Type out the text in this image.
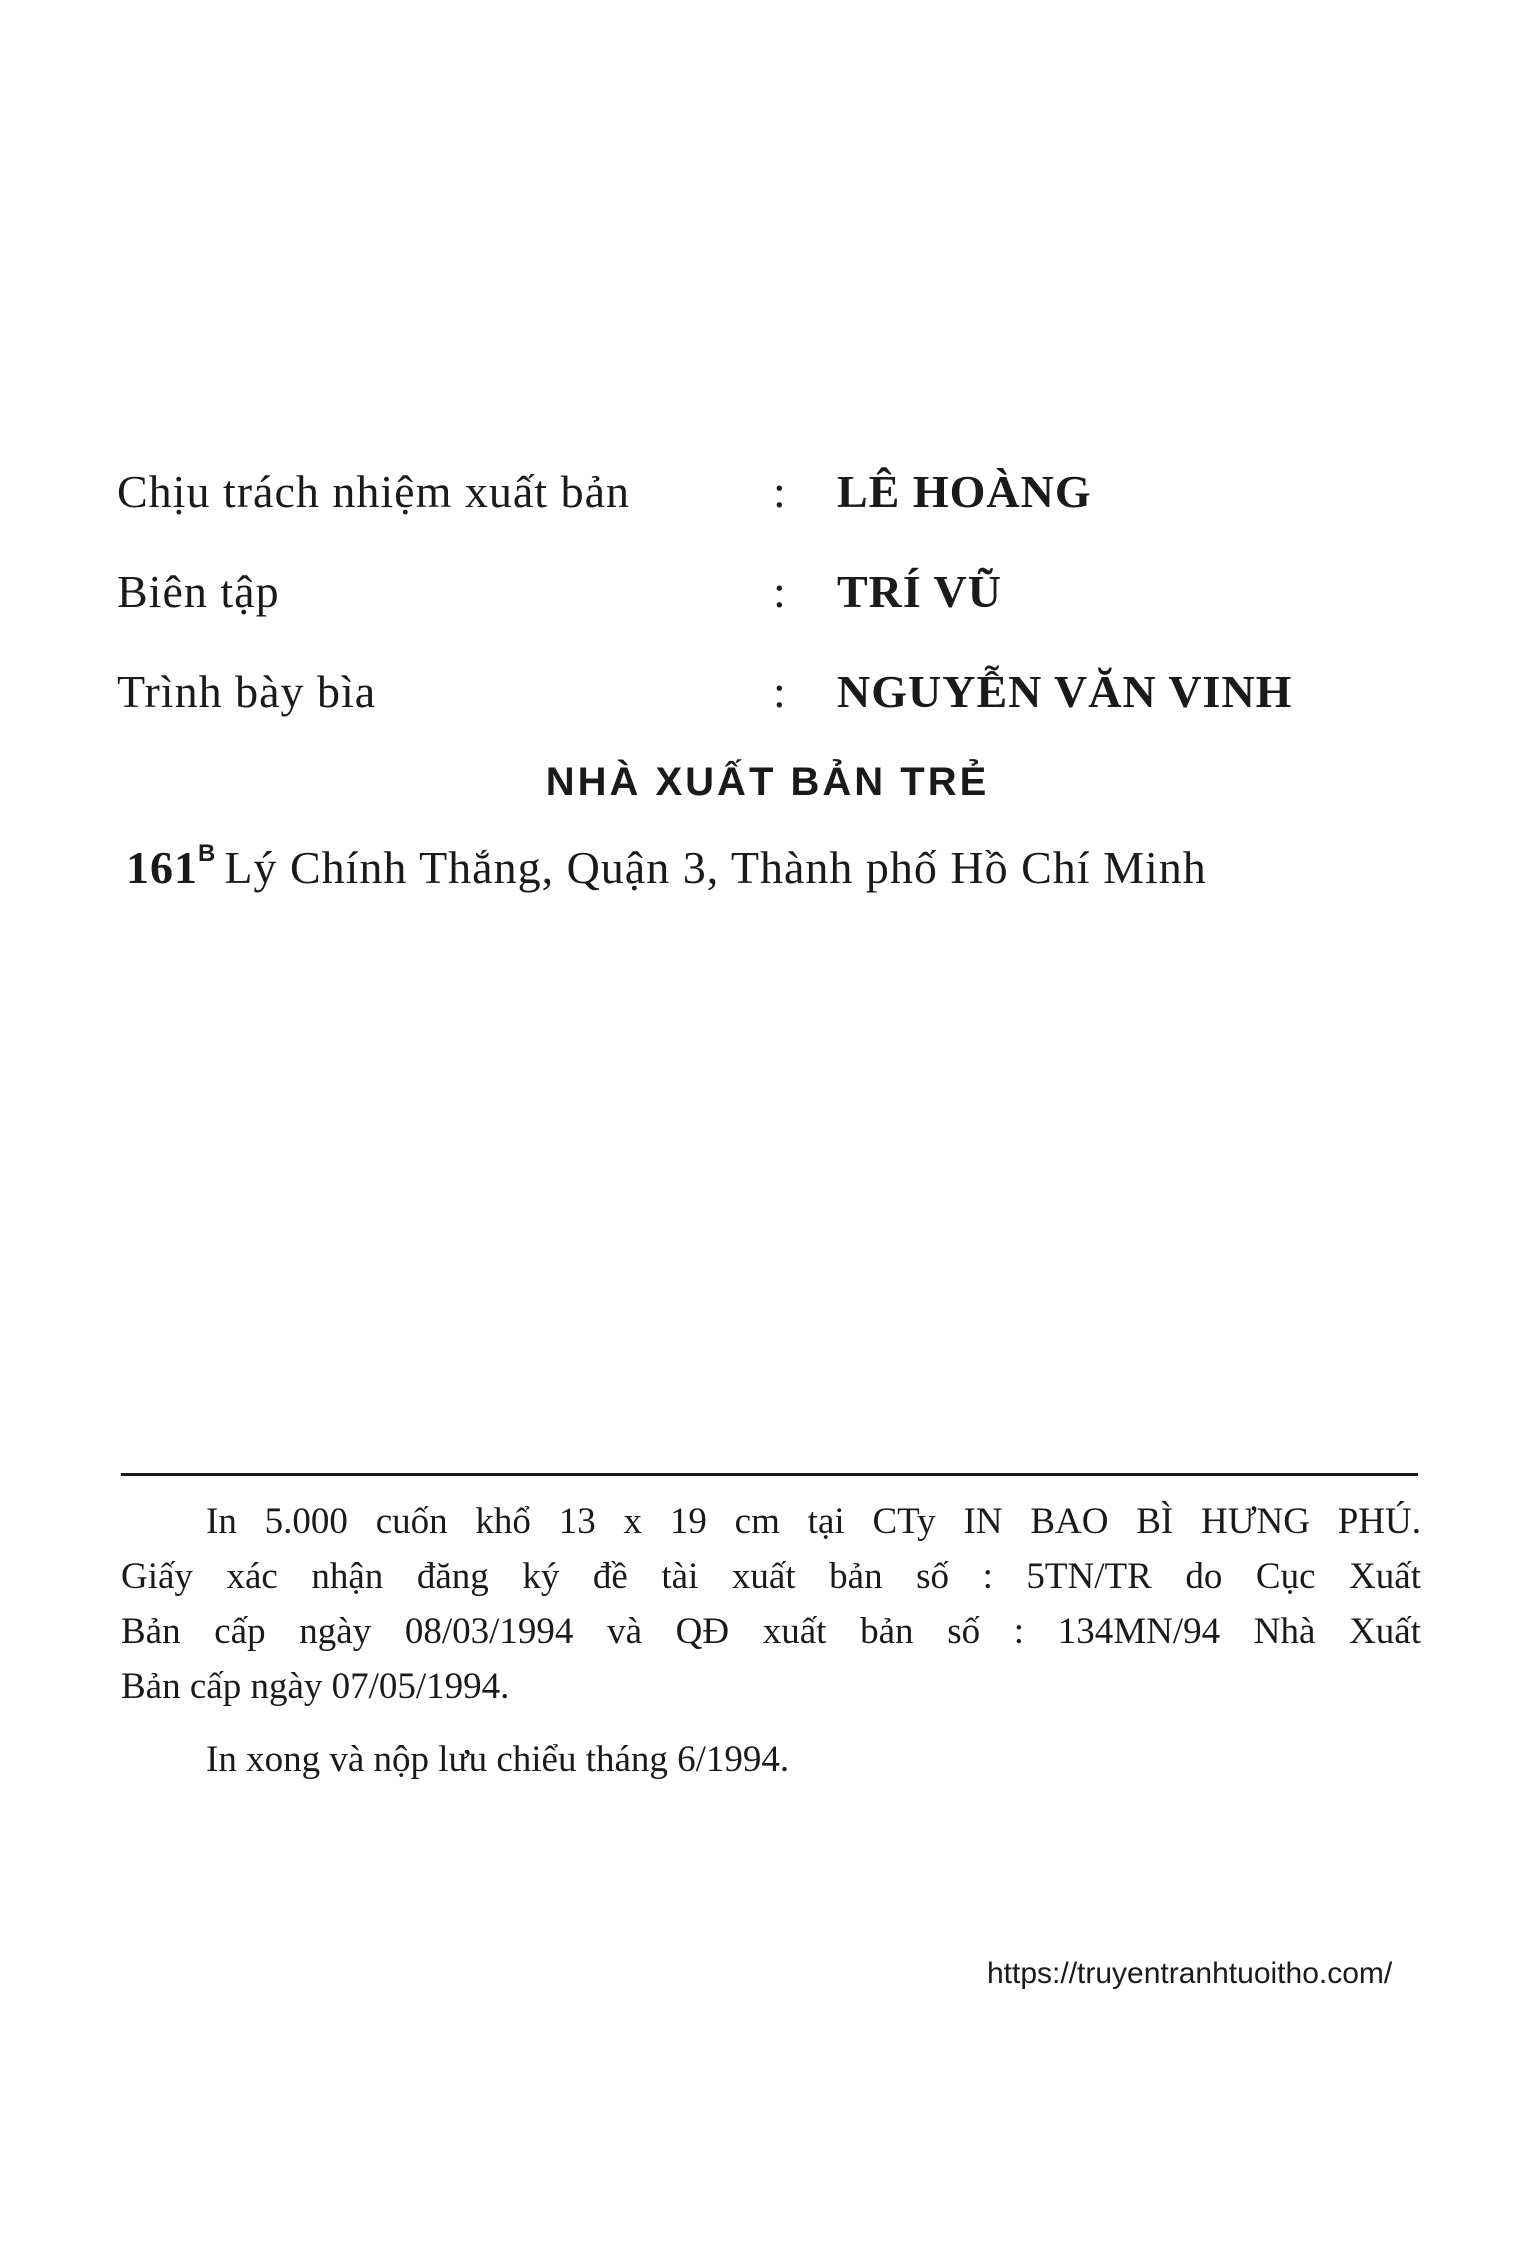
Chịu trách nhiệm xuất bản	: LÊ HOÀNG
Biên tập	: TRÍ VŨ
Trình bày bìa	: NGUYỄN VĂN VINH
NHÀ XUẤT BẢN TRẺ
$161^B$ Lý Chính Thắng, Quận 3, Thành phố Hồ Chí Minh
In 5.000 cuốn khổ 13 x 19 cm tại CTy IN BAO BÌ HƯNG PHÚ.
Giấy xác nhận đăng ký đề tài xuất bản số : 5TN/TR do Cục Xuất
Bản cấp ngày 08/03/1994 và QĐ xuất bản số : 134MN/94 Nhà Xuất
Bản cấp ngày 07/05/1994.
In xong và nộp lưu chiểu tháng 6/1994.
https://truyentranhtuoitho.com/
